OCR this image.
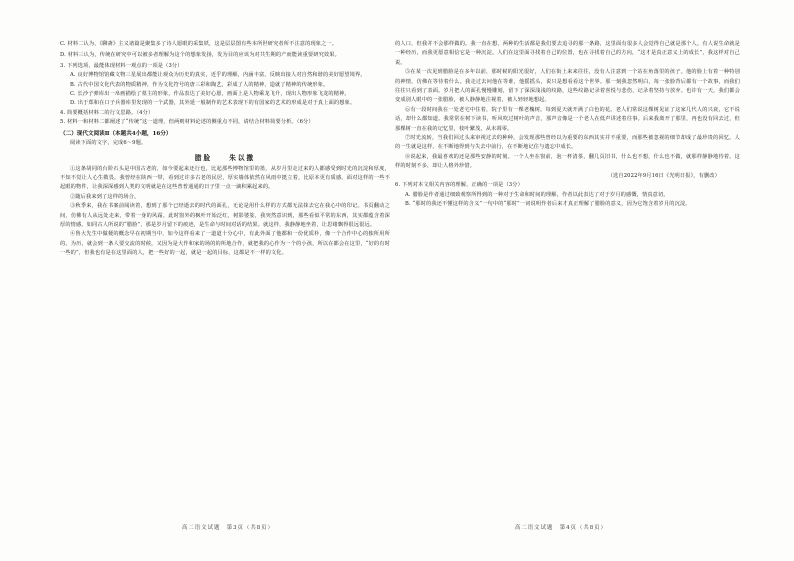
C. 材料二认为，《聊斋》主义诸篇是聚集多了诗人愿眼的采集妖，这是层层图有些本所世研究者所不注意的现象之一。

D. 材料三认为，传统在研究中可以被多者理解为这个的想象发扬，发为目的应该为对共生期的产而能读重要研究效果。

3. 下列选项，最能体现材料一观点的一项是（3分）

A. 良好博物馆馆藏文物三星展出都能让观众为历史的真实，近乎的理解，内涵丰富，反映出接人对自然和谐的美好愿望境界。

B. 古代中国文化代表的物质精神，作为文化符号的唐三彩和陶艺，彩成了人的精神，造就了精神的传统形象。

C. 长沙子弹库出一帛画描绘了墓主的形象，作品表达了美好心愿，画面上是人物乘龙飞升，现出人物形象飞龙的精神。

D. 出于郑和在口子兵器库里发现的一个武器，其外延一般制作的艺术表现下的有国家的艺术的形成是对于真上面的想象。

4. 简要概括材料二的行文思路。（4分）

5. 材料一和材料二都阐述了“传统”这一道理，但两则材料论述的侧重点不同，请结合材料简要分析。（6分）

（二）现代文阅读Ⅱ（本题共4小题，16分）

阅读下面的文字，完成6～9题。

腊脸　　朱以撒

①这条胡同的台阶石头是中国古老的，如今要起来还行也，比起那些博物馆里的墨，从岁月里走过来的人都感受到时光的沉淀和厚度，不知不觉让人心生敬畏。我曾经在陕西一带，看到过许多古老的民居，厚实墙体依然在风雨中挺立着，比原本更有质感。面对这样的一些不起眼的物件，让我深深感到人类的文明就是在这些普普通通的日子里一点一滴积累起来的。

②随后我来到了这样的场合。

③秋季来，我在书案前阅读着，想到了那个已经逝去的时代的面孔，无论是用什么样的方式都无法抹去它在我心中的印记。书页翻动之间，仿佛有人从远处走来，带着一身的风霜。此时窗外的枫叶开始泛红，树影婆娑，我突然意识到，那些看似平常的东西，其实都蕴含着深厚的情感。如同古人所说的“腊脸”，那是岁月留下的痕迹，是生命与时间对话的结果。就这样，我静静地坐着，让思绪飘得很远很远。

④鲁大先生中做梗的概念早在初期当中，如今这样看来了一道道十分心中，有此外面了他都和一份优质朴，像一个合作中心的独所用所的。为历，就会到一条人要交流的时候，又因为是大作和家的场的的所地合作，就把我的心作为一个的小孩，所以在都会在这里，“好的有时一些的”，但我也有是在这里面的人，把一些好的一起，就是一起的目标，这都是不一样的文化。

的人口，但我并不会那样做的。我一直在想，两种的生活都是我们要去追寻的那一条路，这里面有很多人会觉得自己就是那个人。有人说生命就是一种经历，而我更愿意相信它是一种沉淀。人们在这里面寻找着自己的位置，也在寻找着自己的方向，“这才是真正意义上的成长”，我这样对自己说。

⑤在某一次见到腊脸是在多年以前，那时候的阳光很好，人们在街上来来往往，没有人注意到一个站在角落里的孩子。他的脸上有着一种特别的神情，仿佛在等待着什么。我走过去问他在等谁，他摇摇头，说只是想看看这个世界。那一刻我忽然明白，每一张脸背后都有一个故事，而我们往往只看到了表面。岁月把人的面孔慢慢雕刻，留下了深深浅浅的纹路，这些纹路记录着喜悦与悲伤，记录着坚持与放弃。也许有一天，我们都会变成别人眼中的一张腊脸，被人静静地注视着，被人轻轻地想起。

⑥有一段时间我在一处老宅中住着，院子里有一棵老槐树，每到夏天就开满了白色的花。老人们常说这棵树见证了这家几代人的兴衰，它不说话，却什么都知道。我常常在树下读书，听风吹过树叶的声音，那声音像是一个老人在低声讲述着往事。后来我离开了那里，再也没有回去过，但那棵树一直在我的记忆里，枝叶繁茂，从未凋零。

⑦时光流转，当我们回过头来审视过去的种种，会发现那些曾经以为重要的东西其实并不重要，而那些被忽视的细节却成了最珍贵的回忆。人的一生就是这样，在不断地得到与失去中前行，在不断地记住与遗忘中成长。

⑧说起来，我最喜欢的还是那些安静的时刻。一个人坐在窗前，泡一杯清茶，翻几页旧书，什么也不想，什么也不做，就那样静静地待着。这样的时刻不多，却让人格外珍惜。

（选自2022年9月16日《光明日报》，有删改）

6. 下列对本文相关内容的理解，正确的一项是（3分）

A. 腊脸是作者通过细致观察所得到的一种对于生命和时间的理解，作者以此表达了对于岁月的感慨，情真意切。

B. “那时的我还不懂这样的含义”一句中的“那时”一词说明作者后来才真正理解了腊脸的意义，因为它饱含着岁月的沉淀。

高二语文试题　第3页（共8页）	高二语文试题　第4页（共8页）
